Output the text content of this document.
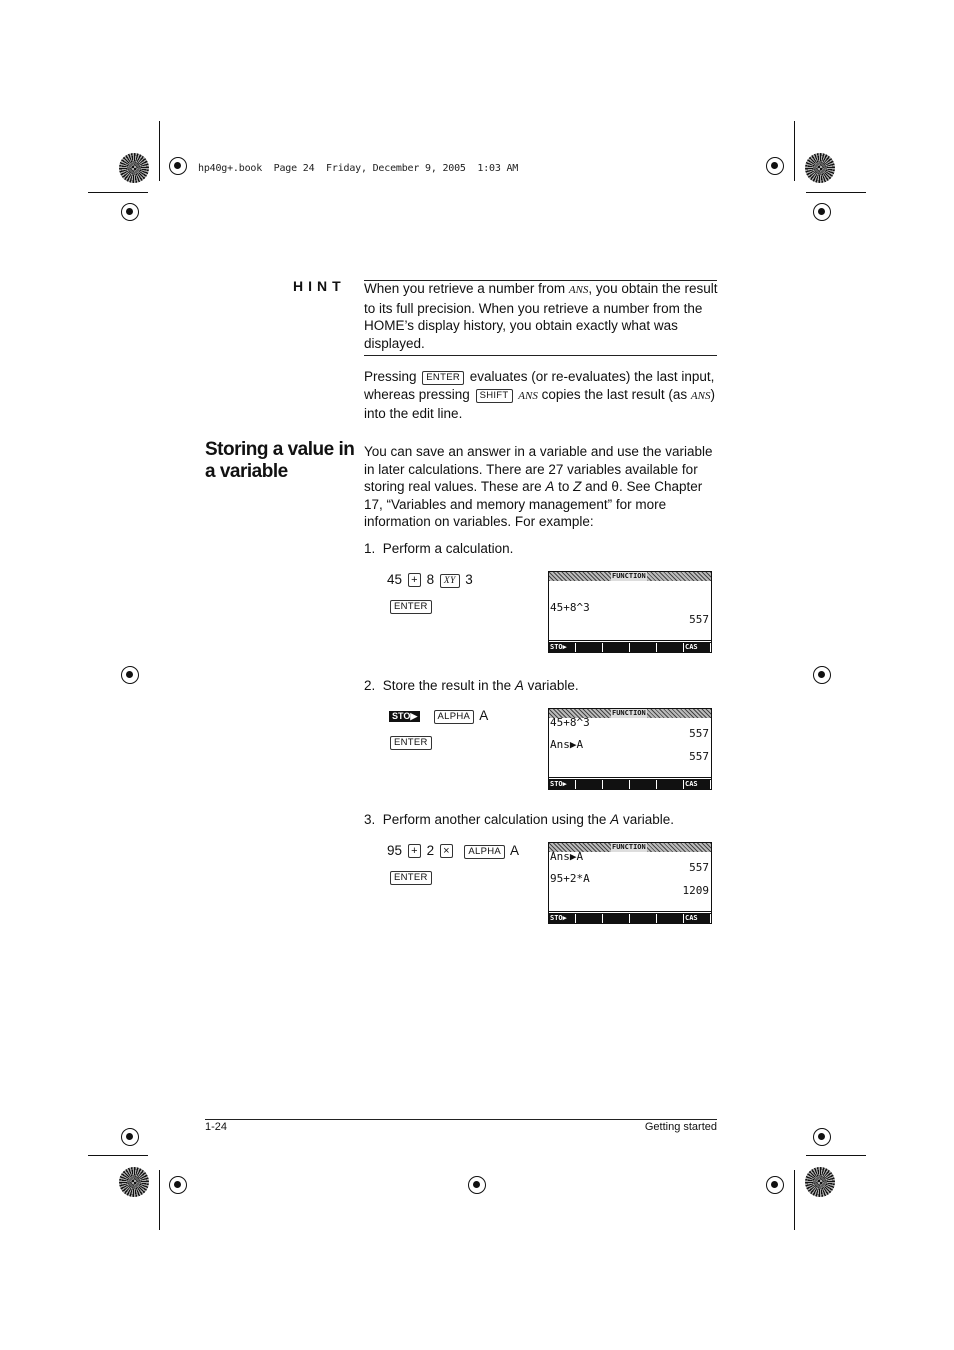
hp40g+.book  Page 24  Friday, December 9, 2005  1:03 AM
HINT When you retrieve a number from ANS, you obtain the result to its full precision. When you retrieve a number from the HOME’s display history, you obtain exactly what was displayed.
Pressing ENTER evaluates (or re-evaluates) the last input, whereas pressing SHIFT ANS copies the last result (as ANS) into the edit line.
Storing a value in a variable
You can save an answer in a variable and use the variable in later calculations. There are 27 variables available for storing real values. These are A to Z and θ. See Chapter 17, “Variables and memory management” for more information on variables. For example:
1. Perform a calculation.
45 + 8 XY 3
ENTER
FUNCTION
45+8^3
557
STO▶	CAS
2. Store the result in the A variable.
STO▶ ALPHA A
ENTER
FUNCTION
45+8^3
557
Ans▶A
557
STO▶	CAS
3. Perform another calculation using the A variable.
95 + 2 × ALPHA A
ENTER
FUNCTION
Ans▶A
557
95+2*A
1209
STO▶	CAS
1-24	Getting started
